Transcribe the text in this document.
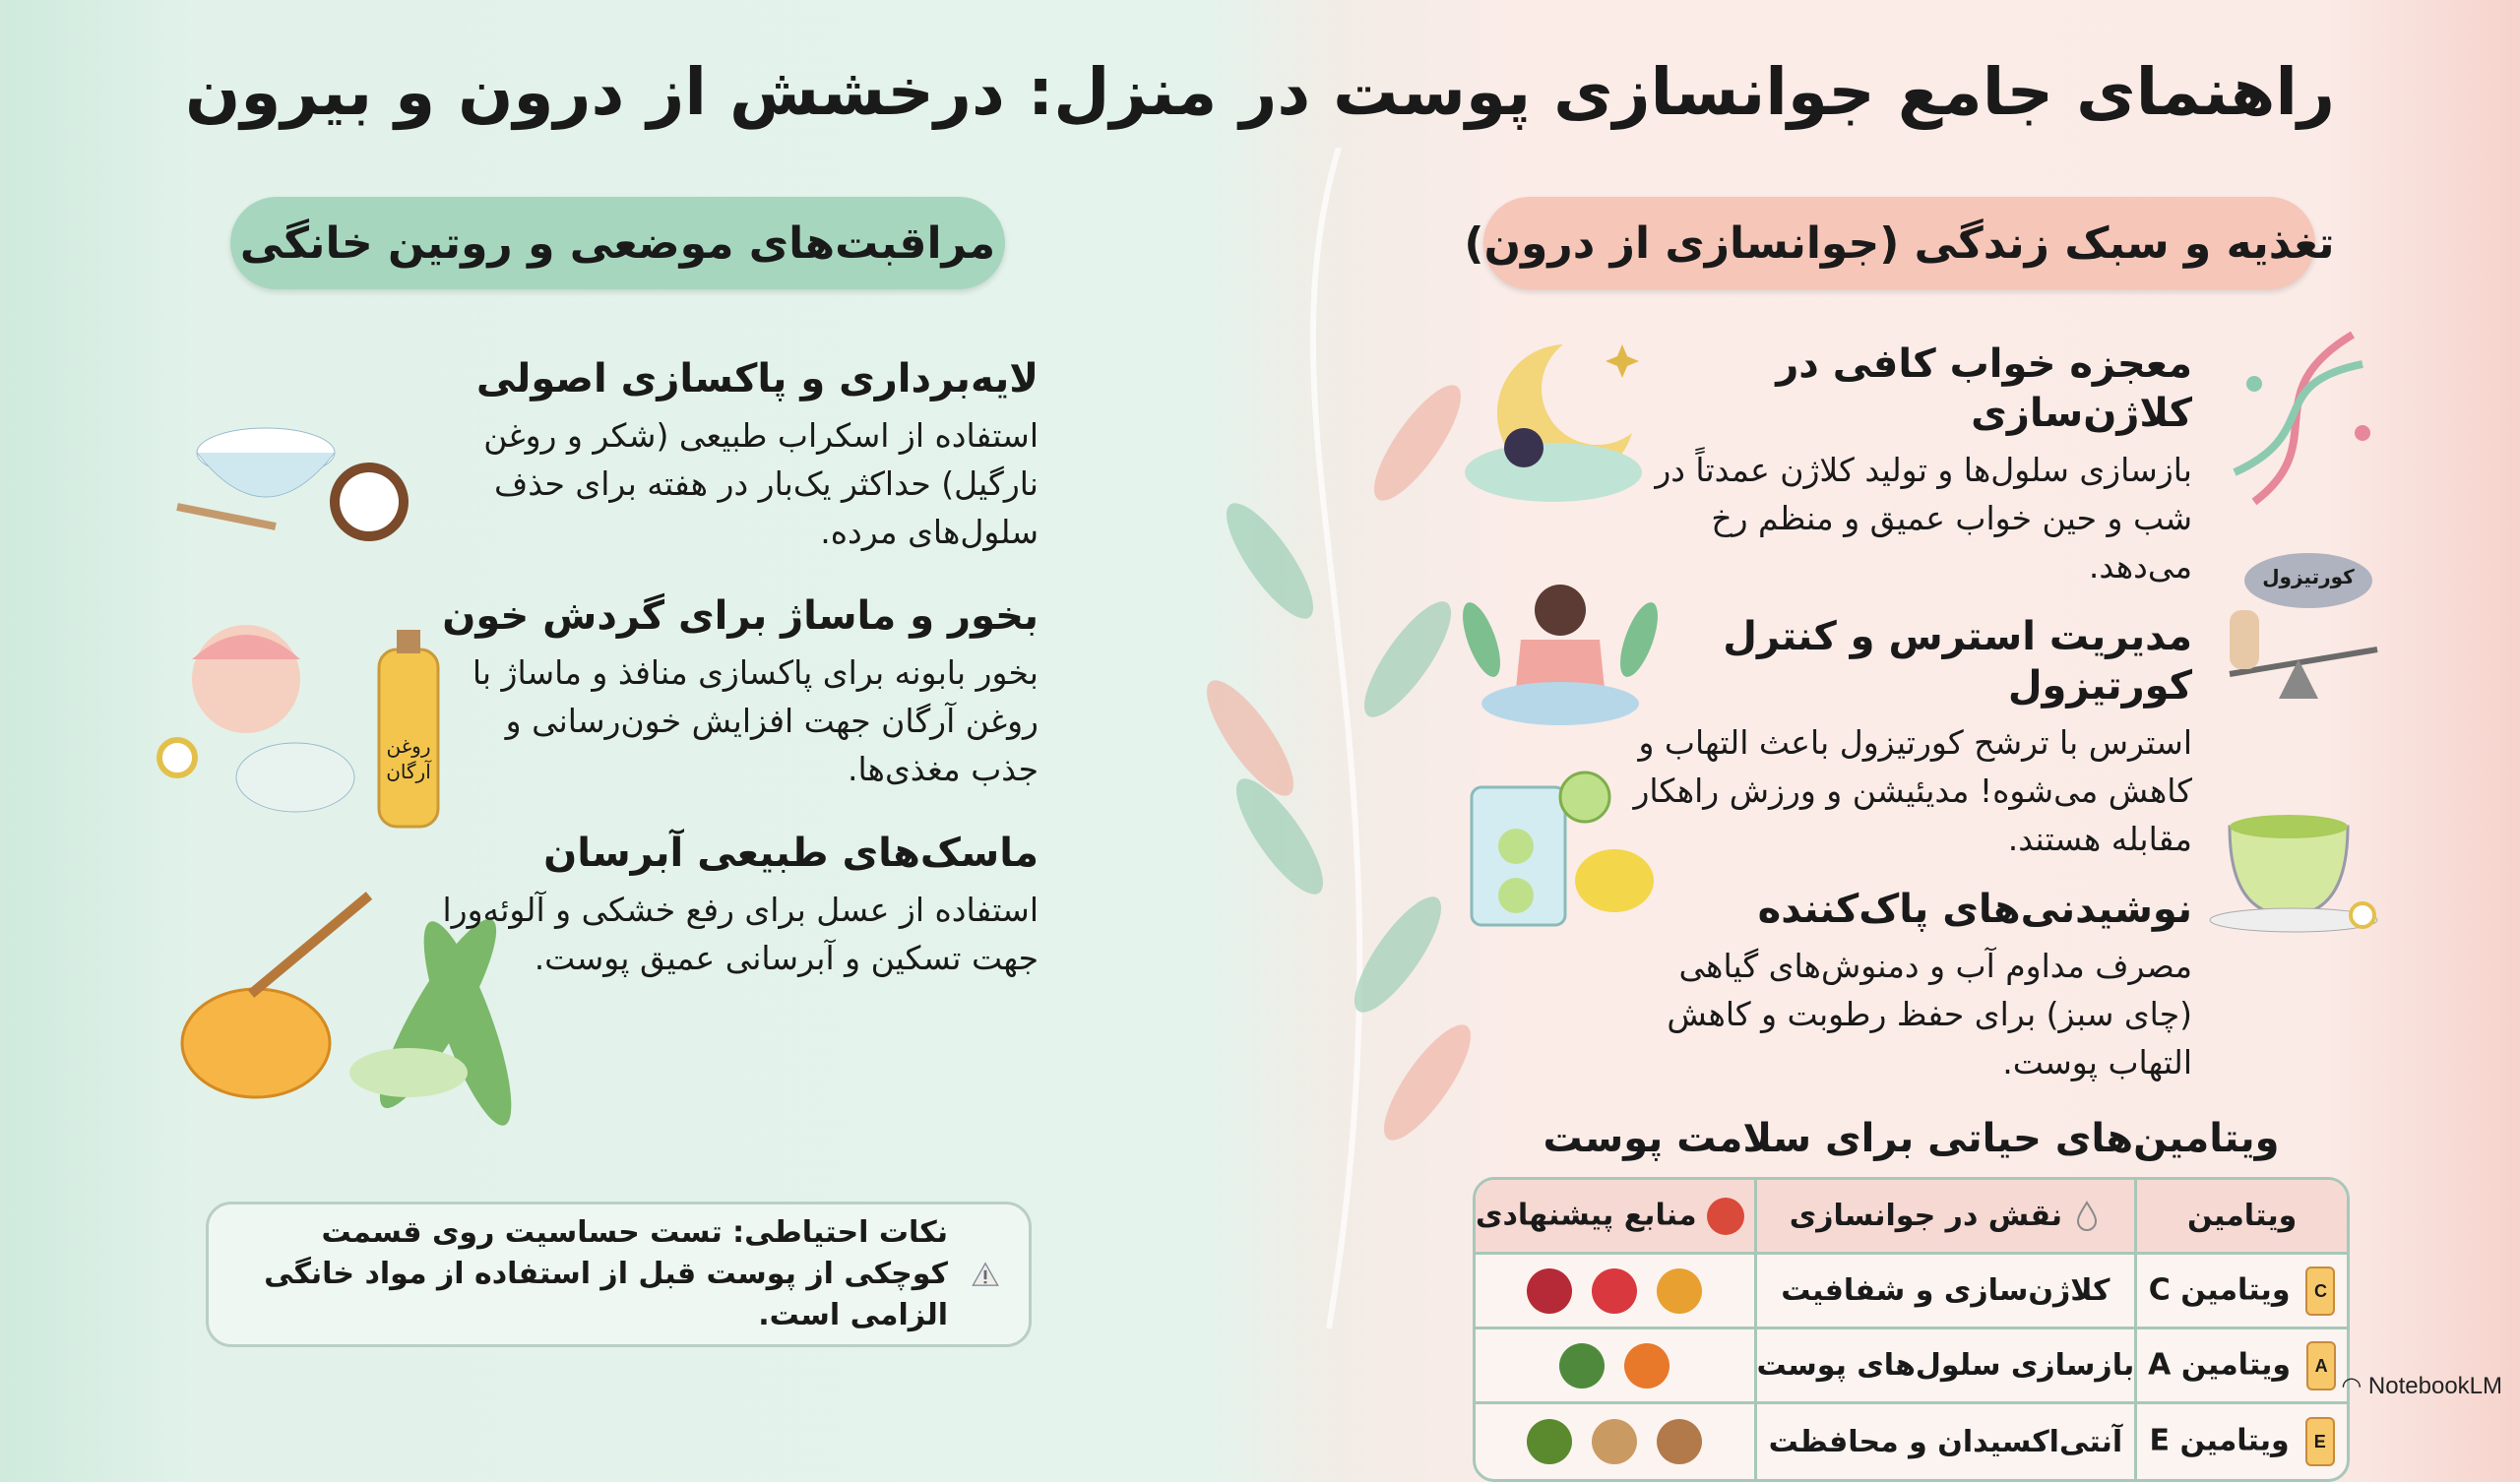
راهنمای جامع جوانسازی پوست در منزل: درخشش از درون و بیرون
مراقبت‌های موضعی و روتین خانگی	تغذیه و سبک زندگی (جوانسازی از درون)
روغن آرگان
لایه‌برداری و پاکسازی اصولی

استفاده از اسکراب طبیعی (شکر و روغن نارگیل) حداکثر یک‌بار در هفته برای حذف سلول‌های مرده.

بخور و ماساژ برای گردش خون

بخور بابونه برای پاکسازی منافذ و ماساژ با روغن آرگان جهت افزایش خون‌رسانی و جذب مغذی‌ها.

ماسک‌های طبیعی آبرسان

استفاده از عسل برای رفع خشکی و آلوئه‌ورا جهت تسکین و آبرسانی عمیق پوست.

نکات احتیاطی: تست حساسیت روی قسمت کوچکی از پوست قبل از استفاده از مواد خانگی الزامی است.

کورتیزول
معجزه خواب کافی در کلاژن‌سازی

بازسازی سلول‌ها و تولید کلاژن عمدتاً در شب و حین خواب عمیق و منظم رخ می‌دهد.

مدیریت استرس و کنترل کورتیزول

استرس با ترشح کورتیزول باعث التهاب و کاهش می‌شوه! مدیئیشن و ورزش راهکار مقابله هستند.

نوشیدنی‌های پاک‌کننده

مصرف مداوم آب و دمنوش‌های گیاهی (چای سبز) برای حفظ رطوبت و کاهش التهاب پوست.

ویتامین‌های حیاتی برای سلامت پوست
ویتامین	نقش در جوانسازی	منابع پیشنهادی
Cویتامین C	کلاژن‌سازی و شفافیت	
Aویتامین A	بازسازی سلول‌های پوست	
Eویتامین E	آنتی‌اکسیدان و محافظت	
◠ NotebookLM
